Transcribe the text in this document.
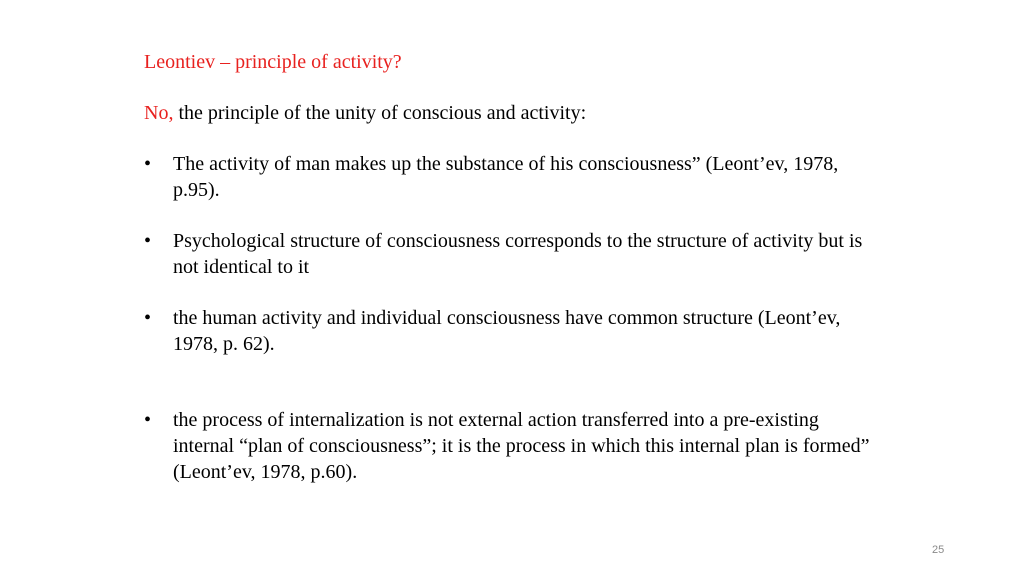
Leontiev – principle of activity?
No, the principle of the unity of conscious and activity:
•	The activity of man makes up the substance of his consciousness” (Leont’ev, 1978, p.95).
•	Psychological structure of consciousness corresponds to the structure of activity but is not identical to it
•	the human activity and individual consciousness have common structure (Leont’ev, 1978, p. 62).
•	the process of internalization is not external action transferred into a pre-existing internal “plan of consciousness”; it is the process in which this internal plan is formed” (Leont’ev, 1978, p.60).
25
